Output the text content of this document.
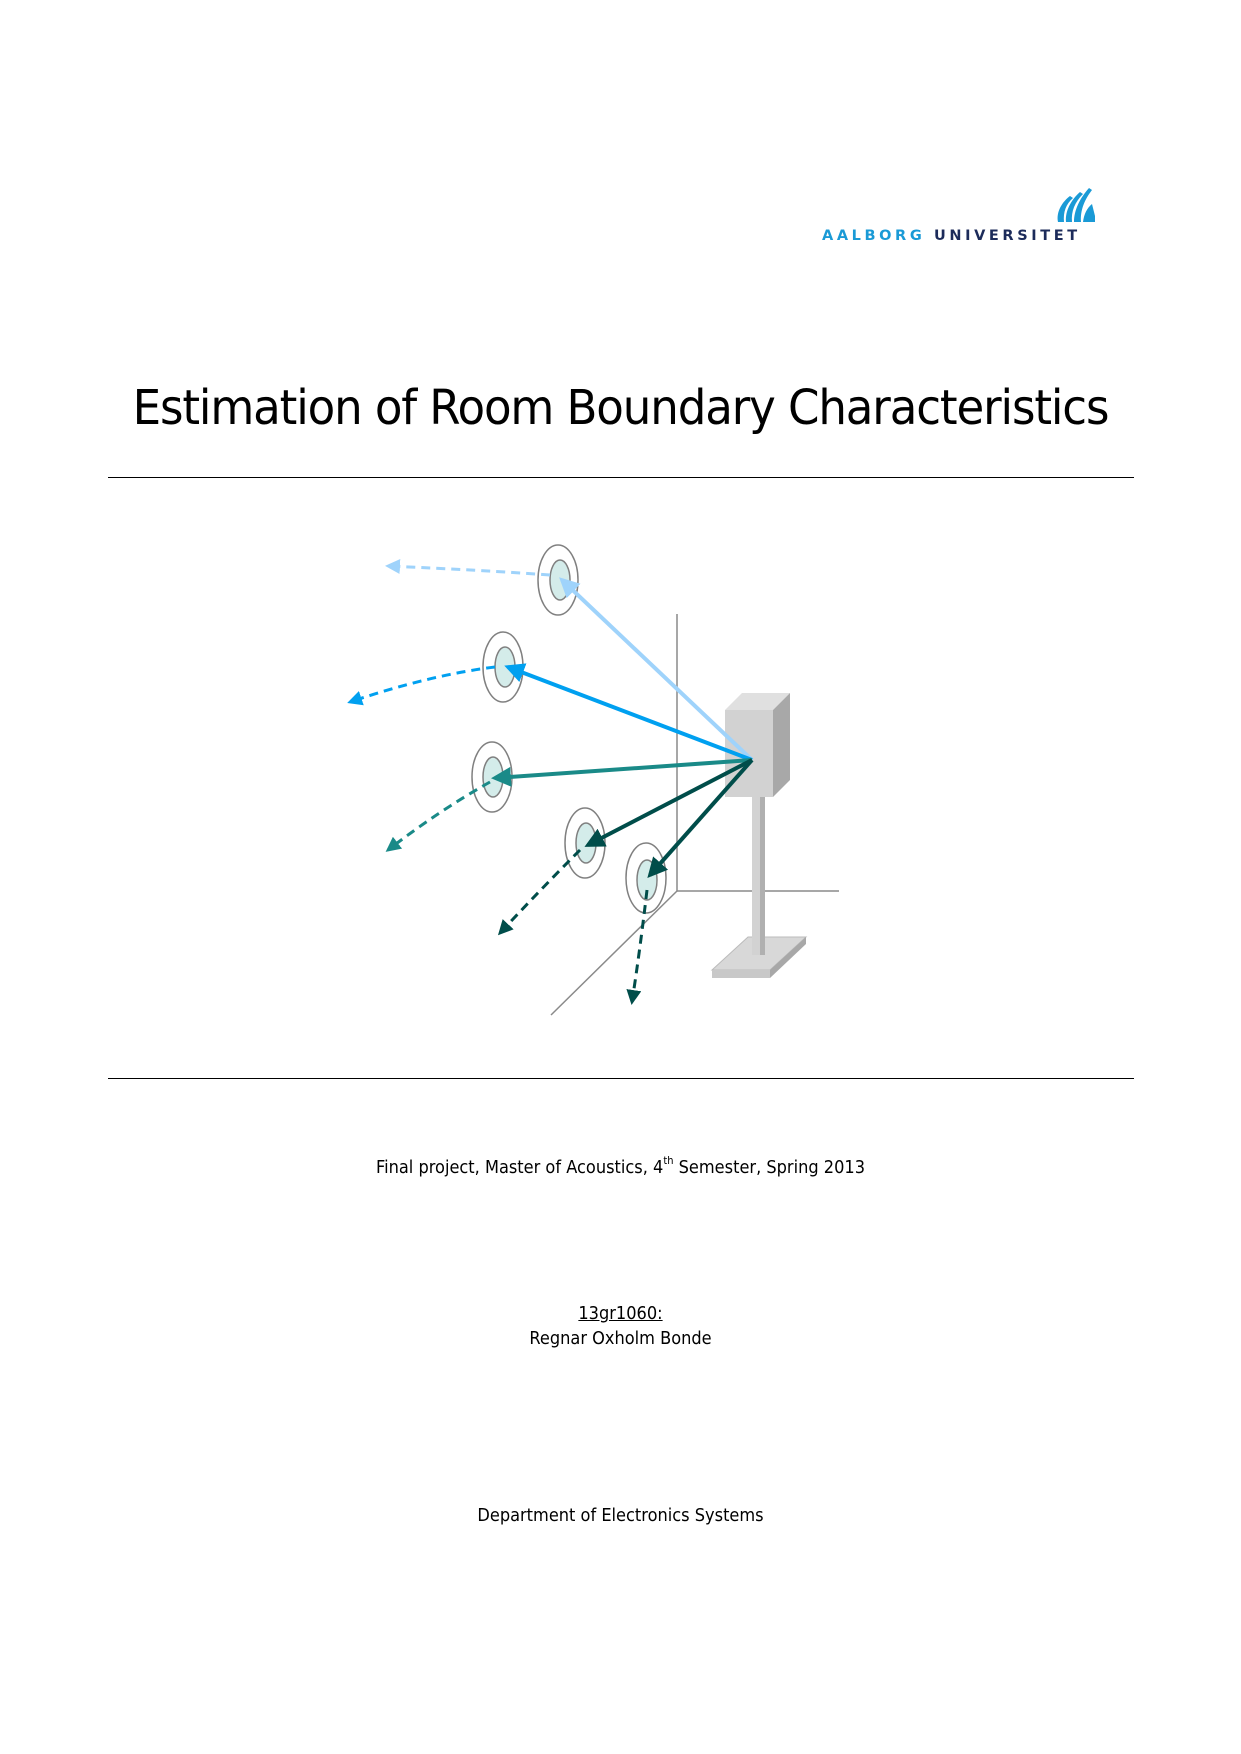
AALBORG UNIVERSITET
Estimation of Room Boundary Characteristics
Final project, Master of Acoustics, 4th Semester, Spring 2013
13gr1060:
Regnar Oxholm Bonde
Department of Electronics Systems
